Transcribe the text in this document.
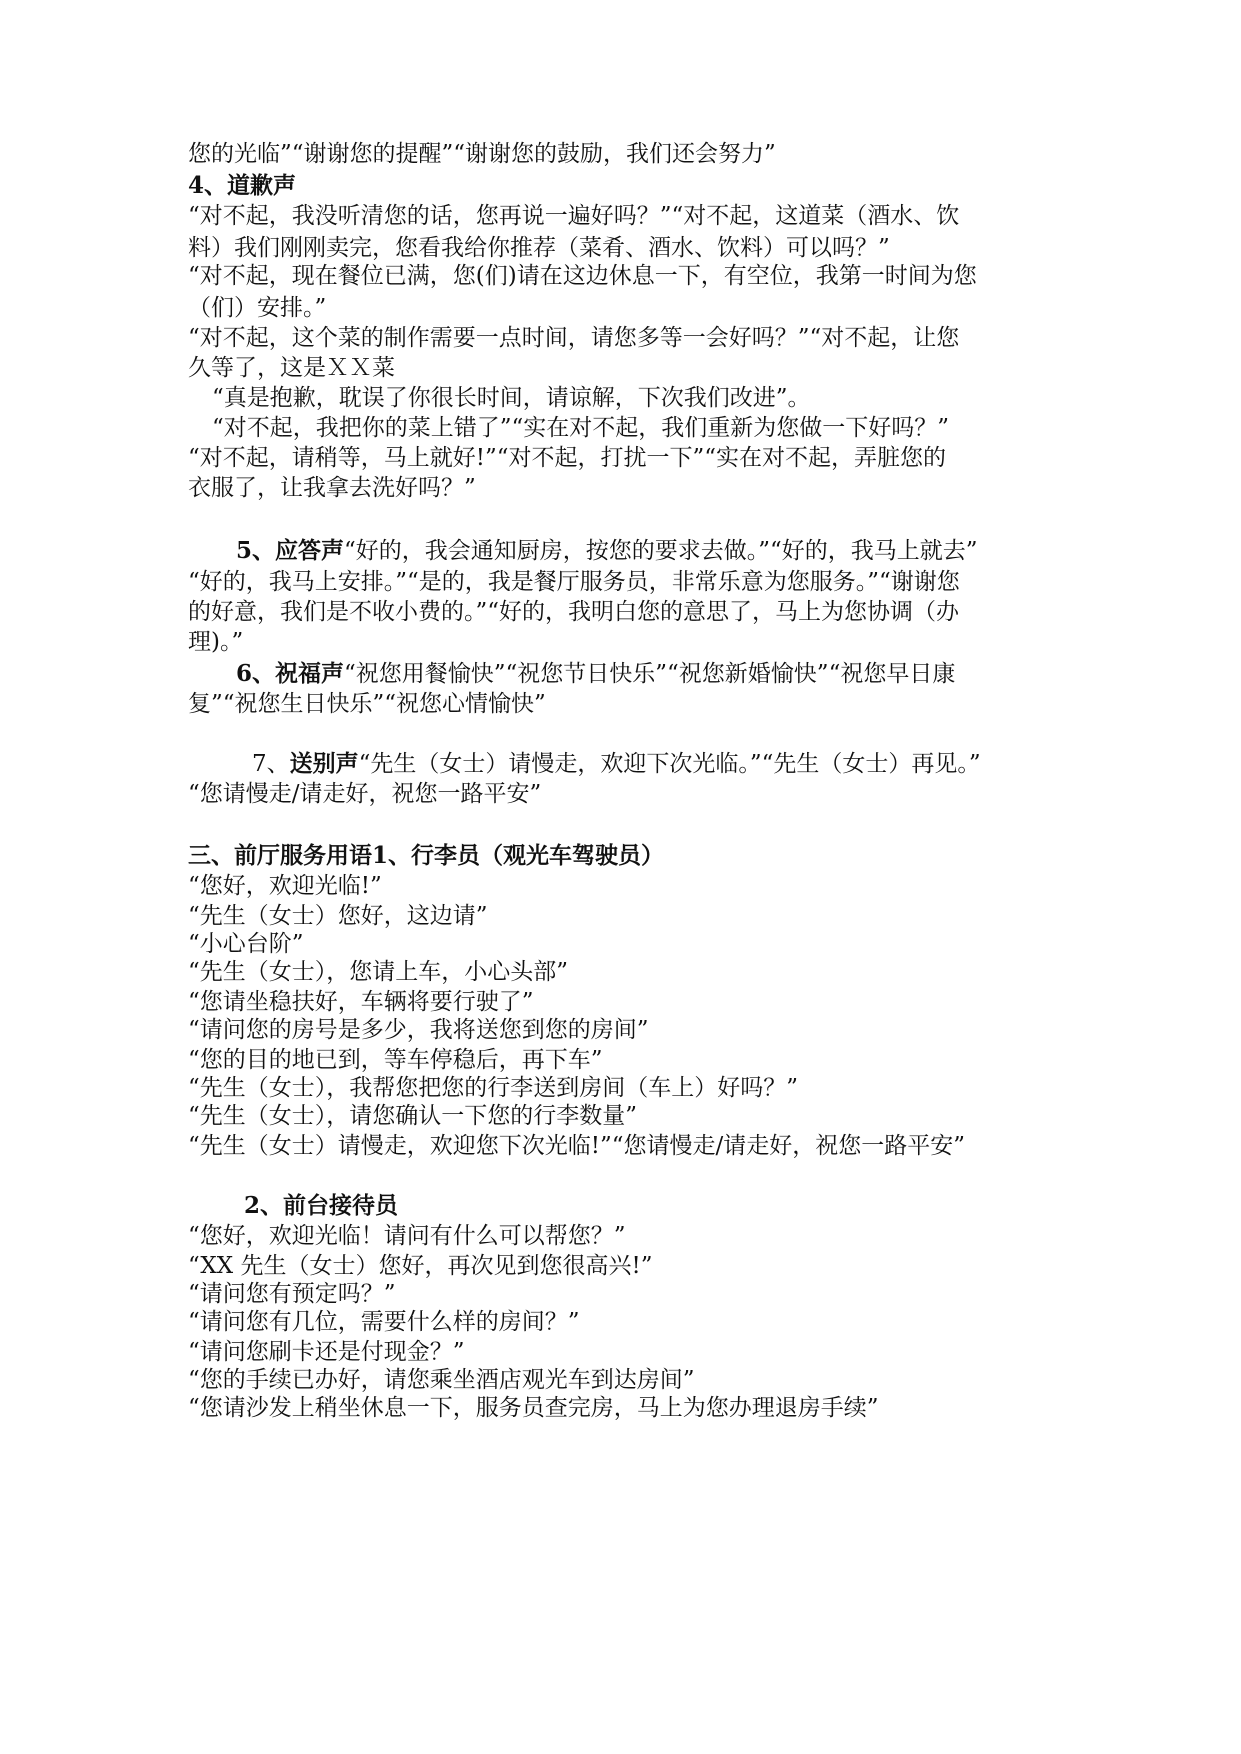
您的光临”“谢谢您的提醒”“谢谢您的鼓励，我们还会努力”

4、道歉声

“对不起，我没听清您的话，您再说一遍好吗？”“对不起，这道菜（酒水、饮

料）我们刚刚卖完，您看我给你推荐（菜肴、酒水、饮料）可以吗？”

“对不起，现在餐位已满，您(们)请在这边休息一下，有空位，我第一时间为您

（们）安排。”

“对不起，这个菜的制作需要一点时间，请您多等一会好吗？”“对不起，让您

久等了，这是ＸＸ菜

“真是抱歉，耽误了你很长时间，请谅解，下次我们改进”。

“对不起，我把你的菜上错了”“实在对不起，我们重新为您做一下好吗？”

“对不起，请稍等，马上就好!”“对不起，打扰一下”“实在对不起，弄脏您的

衣服了，让我拿去洗好吗？”

5、应答声“好的，我会通知厨房，按您的要求去做。”“好的，我马上就去”

“好的，我马上安排。”“是的，我是餐厅服务员，非常乐意为您服务。”“谢谢您

的好意，我们是不收小费的。”“好的，我明白您的意思了，马上为您协调（办

理)。”

6、祝福声“祝您用餐愉快”“祝您节日快乐”“祝您新婚愉快”“祝您早日康

复”“祝您生日快乐”“祝您心情愉快”

7、送别声“先生（女士）请慢走，欢迎下次光临。”“先生（女士）再见。”

“您请慢走/请走好，祝您一路平安”

三、前厅服务用语1、行李员（观光车驾驶员）

“您好，欢迎光临!”

“先生（女士）您好，这边请”

“小心台阶”

“先生（女士），您请上车，小心头部”

“您请坐稳扶好，车辆将要行驶了”

“请问您的房号是多少，我将送您到您的房间”

“您的目的地已到，等车停稳后，再下车”

“先生（女士），我帮您把您的行李送到房间（车上）好吗？”

“先生（女士），请您确认一下您的行李数量”

“先生（女士）请慢走，欢迎您下次光临!”“您请慢走/请走好，祝您一路平安”

2、前台接待员

“您好，欢迎光临！请问有什么可以帮您？”

“XX 先生（女士）您好，再次见到您很高兴!”

“请问您有预定吗？”

“请问您有几位，需要什么样的房间？”

“请问您刷卡还是付现金？”

“您的手续已办好，请您乘坐酒店观光车到达房间”

“您请沙发上稍坐休息一下，服务员查完房，马上为您办理退房手续”
